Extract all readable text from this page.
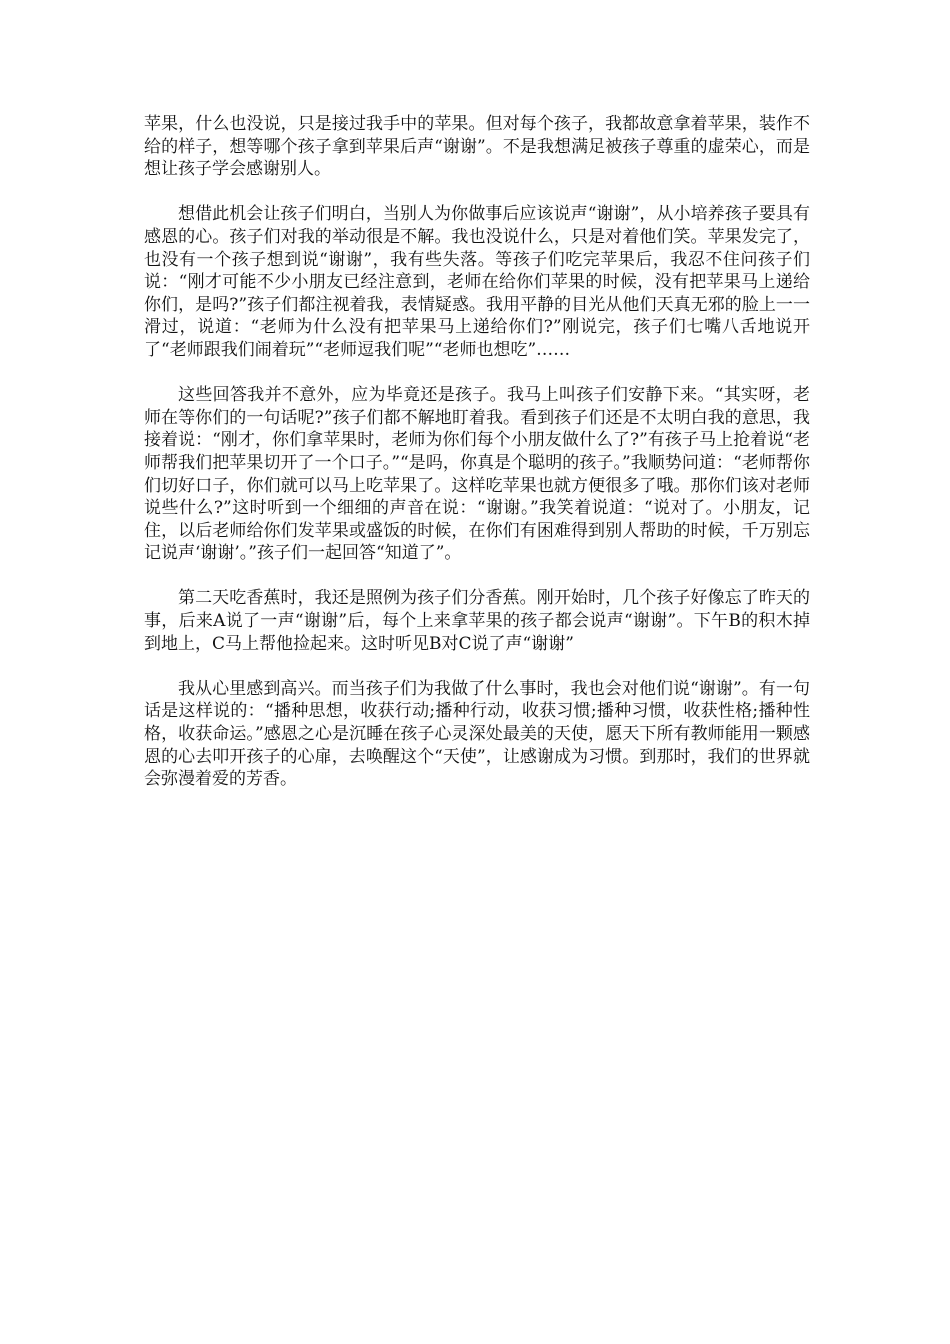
苹果，什么也没说，只是接过我手中的苹果。但对每个孩子，我都故意拿着苹果，装作不给的样子，想等哪个孩子拿到苹果后声“谢谢”。不是我想满足被孩子尊重的虚荣心，而是想让孩子学会感谢别人。

想借此机会让孩子们明白，当别人为你做事后应该说声“谢谢”，从小培养孩子要具有感恩的心。孩子们对我的举动很是不解。我也没说什么，只是对着他们笑。苹果发完了，也没有一个孩子想到说“谢谢”，我有些失落。等孩子们吃完苹果后，我忍不住问孩子们说：“刚才可能不少小朋友已经注意到，老师在给你们苹果的时候，没有把苹果马上递给你们，是吗?”孩子们都注视着我，表情疑惑。我用平静的目光从他们天真无邪的脸上一一滑过，说道：“老师为什么没有把苹果马上递给你们?”刚说完，孩子们七嘴八舌地说开了“老师跟我们闹着玩”“老师逗我们呢”“老师也想吃”……

这些回答我并不意外，应为毕竟还是孩子。我马上叫孩子们安静下来。“其实呀，老师在等你们的一句话呢?”孩子们都不解地盯着我。看到孩子们还是不太明白我的意思，我接着说：“刚才，你们拿苹果时，老师为你们每个小朋友做什么了?”有孩子马上抢着说“老师帮我们把苹果切开了一个口子。”“是吗，你真是个聪明的孩子。”我顺势问道：“老师帮你们切好口子，你们就可以马上吃苹果了。这样吃苹果也就方便很多了哦。那你们该对老师说些什么?”这时听到一个细细的声音在说：“谢谢。”我笑着说道：“说对了。小朋友，记住，以后老师给你们发苹果或盛饭的时候，在你们有困难得到别人帮助的时候，千万别忘记说声‘谢谢’。”孩子们一起回答“知道了”。

第二天吃香蕉时，我还是照例为孩子们分香蕉。刚开始时，几个孩子好像忘了昨天的事，后来A说了一声“谢谢”后，每个上来拿苹果的孩子都会说声“谢谢”。下午B的积木掉到地上，C马上帮他捡起来。这时听见B对C说了声“谢谢”

我从心里感到高兴。而当孩子们为我做了什么事时，我也会对他们说“谢谢”。有一句话是这样说的：“播种思想，收获行动;播种行动，收获习惯;播种习惯，收获性格;播种性格，收获命运。”感恩之心是沉睡在孩子心灵深处最美的天使，愿天下所有教师能用一颗感恩的心去叩开孩子的心扉，去唤醒这个“天使”，让感谢成为习惯。到那时，我们的世界就会弥漫着爱的芳香。
